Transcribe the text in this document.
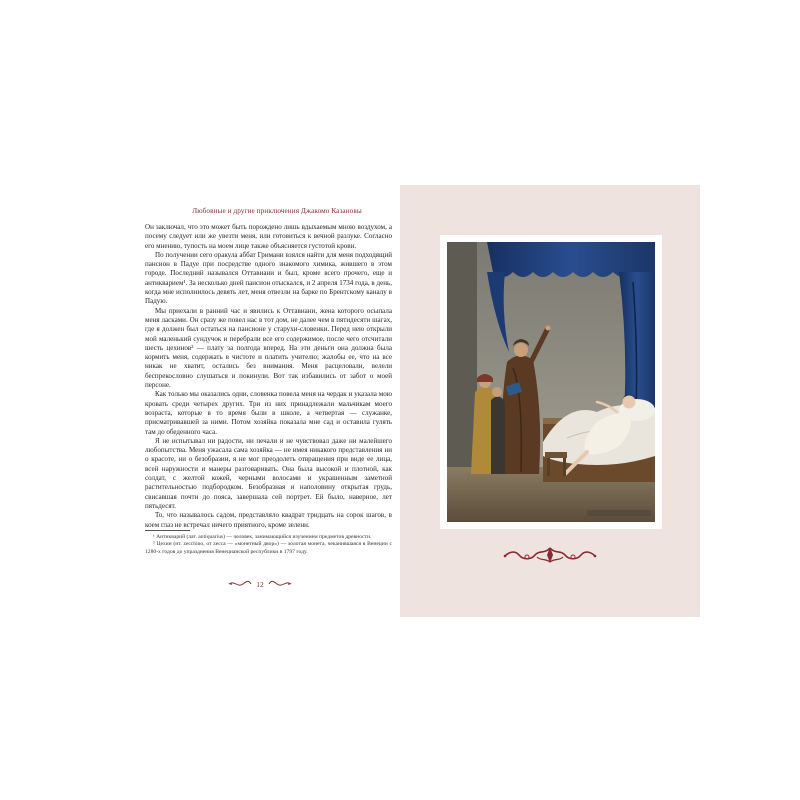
Любовные и другие приключения Джакомо Казановы

Он заключал, что это может быть порождено лишь вдыхаемым мною воздухом, а посему следует или же увезти меня, или готовиться к вечной разлуке. Согласно его мнению, тупость на моем лице также объясняется густотой крови.

По получении сего оракула аббат Гримани взялся найти для меня подходящий пансион в Падуе при посредстве одного знакомого химика, жившего в этом городе. Последний назывался Оттавиани и был, кроме всего прочего, еще и антикварием¹. За несколько дней пансион отыскался, и 2 апреля 1734 года, в день, когда мне исполнилось девять лет, меня отвезли на барке по Брентскому каналу в Падую.

Мы приехали в ранний час и явились к Оттавиани, жена которого осыпала меня ласками. Он сразу же повел нас в тот дом, не далее чем в пятидесяти шагах, где я должен был остаться на пансионе у старухи-словенки. Перед нею открыли мой маленький сундучок и перебрали все его содержимое, после чего отсчитали шесть цехинов² — плату за полгода вперед. На эти деньги она должна была кормить меня, содержать в чистоте и платить учителю; жалобы ее, что на все никак не хватит, остались без внимания. Меня расцеловали, велели беспрекословно слушаться и покинули. Вот так избавились от забот о моей персоне.

Как только мы оказались одни, словенка повела меня на чердак и указала мою кровать среди четырех других. Три из них принадлежали мальчикам моего возраста, которые в то время были в школе, а четвертая — служанке, присматривавшей за ними. Потом хозяйка показала мне сад и оставила гулять там до обеденного часа.

Я не испытывал ни радости, ни печали и не чувствовал даже ни малейшего любопытства. Меня ужасала сама хозяйка — не имея никакого представления ни о красоте, ни о безобразии, я не мог преодолеть отвращения при виде ее лица, всей наружности и манеры разговаривать. Она была высокой и плотной, как солдат, с желтой кожей, черными волосами и украшенным заметной растительностью подбородком. Безобразная и наполовину открытая грудь, свисавшая почти до пояса, завершала сей портрет. Ей было, наверное, лет пятьдесят.

То, что называлось садом, представляло квадрат тридцать на сорок шагов, в коем глаз не встречал ничего приятного, кроме зелени.

¹ Антикварий (лат. antiquarius) — человек, занимающийся изучением предметов древности.

² Цехин (ит. zecchino, от zecca — «монетный двор») — золотая монета, чеканившаяся в Венеции с 1280-х годов до упразднения Венецианской республики в 1797 году.

12
